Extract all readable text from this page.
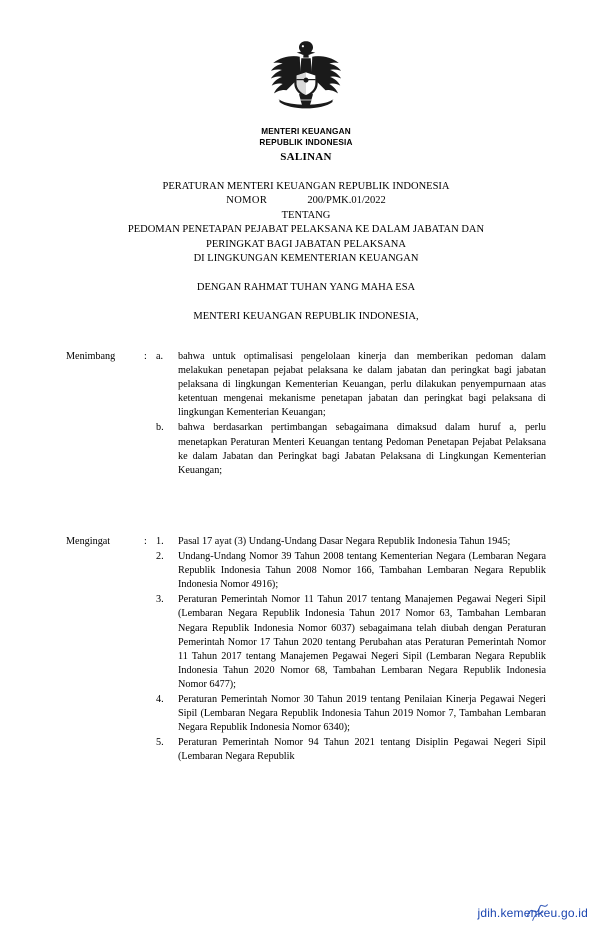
MENTERI KEUANGAN
REPUBLIK INDONESIA
SALINAN
PERATURAN MENTERI KEUANGAN REPUBLIK INDONESIA
NOMOR	200/PMK.01/2022
TENTANG
PEDOMAN PENETAPAN PEJABAT PELAKSANA KE DALAM JABATAN DAN
PERINGKAT BAGI JABATAN PELAKSANA
DI LINGKUNGAN KEMENTERIAN KEUANGAN
DENGAN RAHMAT TUHAN YANG MAHA ESA
MENTERI KEUANGAN REPUBLIK INDONESIA,
Menimbang	: a.	bahwa untuk optimalisasi pengelolaan kinerja dan memberikan pedoman dalam melakukan penetapan pejabat pelaksana ke dalam jabatan dan peringkat bagi jabatan pelaksana di lingkungan Kementerian Keuangan, perlu dilakukan penyempurnaan atas ketentuan mengenai mekanisme penetapan jabatan dan peringkat bagi pelaksana di lingkungan Kementerian Keuangan;
b.	bahwa berdasarkan pertimbangan sebagaimana dimaksud dalam huruf a, perlu menetapkan Peraturan Menteri Keuangan tentang Pedoman Penetapan Pejabat Pelaksana ke dalam Jabatan dan Peringkat bagi Jabatan Pelaksana di Lingkungan Kementerian Keuangan;
Mengingat	: 1.	Pasal 17 ayat (3) Undang-Undang Dasar Negara Republik Indonesia Tahun 1945;
2.	Undang-Undang Nomor 39 Tahun 2008 tentang Kementerian Negara (Lembaran Negara Republik Indonesia Tahun 2008 Nomor 166, Tambahan Lembaran Negara Republik Indonesia Nomor 4916);
3.	Peraturan Pemerintah Nomor 11 Tahun 2017 tentang Manajemen Pegawai Negeri Sipil (Lembaran Negara Republik Indonesia Tahun 2017 Nomor 63, Tambahan Lembaran Negara Republik Indonesia Nomor 6037) sebagaimana telah diubah dengan Peraturan Pemerintah Nomor 17 Tahun 2020 tentang Perubahan atas Peraturan Pemerintah Nomor 11 Tahun 2017 tentang Manajemen Pegawai Negeri Sipil (Lembaran Negara Republik Indonesia Tahun 2020 Nomor 68, Tambahan Lembaran Negara Republik Indonesia Nomor 6477);
4.	Peraturan Pemerintah Nomor 30 Tahun 2019 tentang Penilaian Kinerja Pegawai Negeri Sipil (Lembaran Negara Republik Indonesia Tahun 2019 Nomor 7, Tambahan Lembaran Negara Republik Indonesia Nomor 6340);
5.	Peraturan Pemerintah Nomor 94 Tahun 2021 tentang Disiplin Pegawai Negeri Sipil (Lembaran Negara Republik
jdih.kemenkeu.go.id
